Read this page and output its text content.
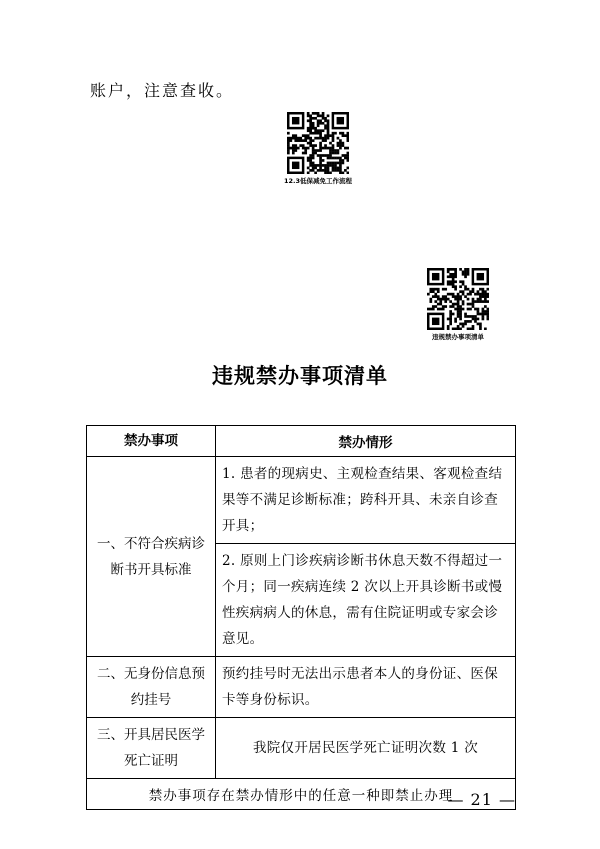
账户，注意查收。
12.3低保减免工作流程
违规禁办事项清单
违规禁办事项清单
禁办事项	禁办情形
一、不符合疾病诊断书开具标准	1. 患者的现病史、主观检查结果、客观检查结果等不满足诊断标准；跨科开具、未亲自诊查开具；
	2. 原则上门诊疾病诊断书休息天数不得超过一个月；同一疾病连续 2 次以上开具诊断书或慢性疾病病人的休息，需有住院证明或专家会诊意见。
二、无身份信息预约挂号	预约挂号时无法出示患者本人的身份证、医保卡等身份标识。
三、开具居民医学死亡证明	我院仅开居民医学死亡证明次数 1 次
禁办事项存在禁办情形中的任意一种即禁止办理	
— 21 —
